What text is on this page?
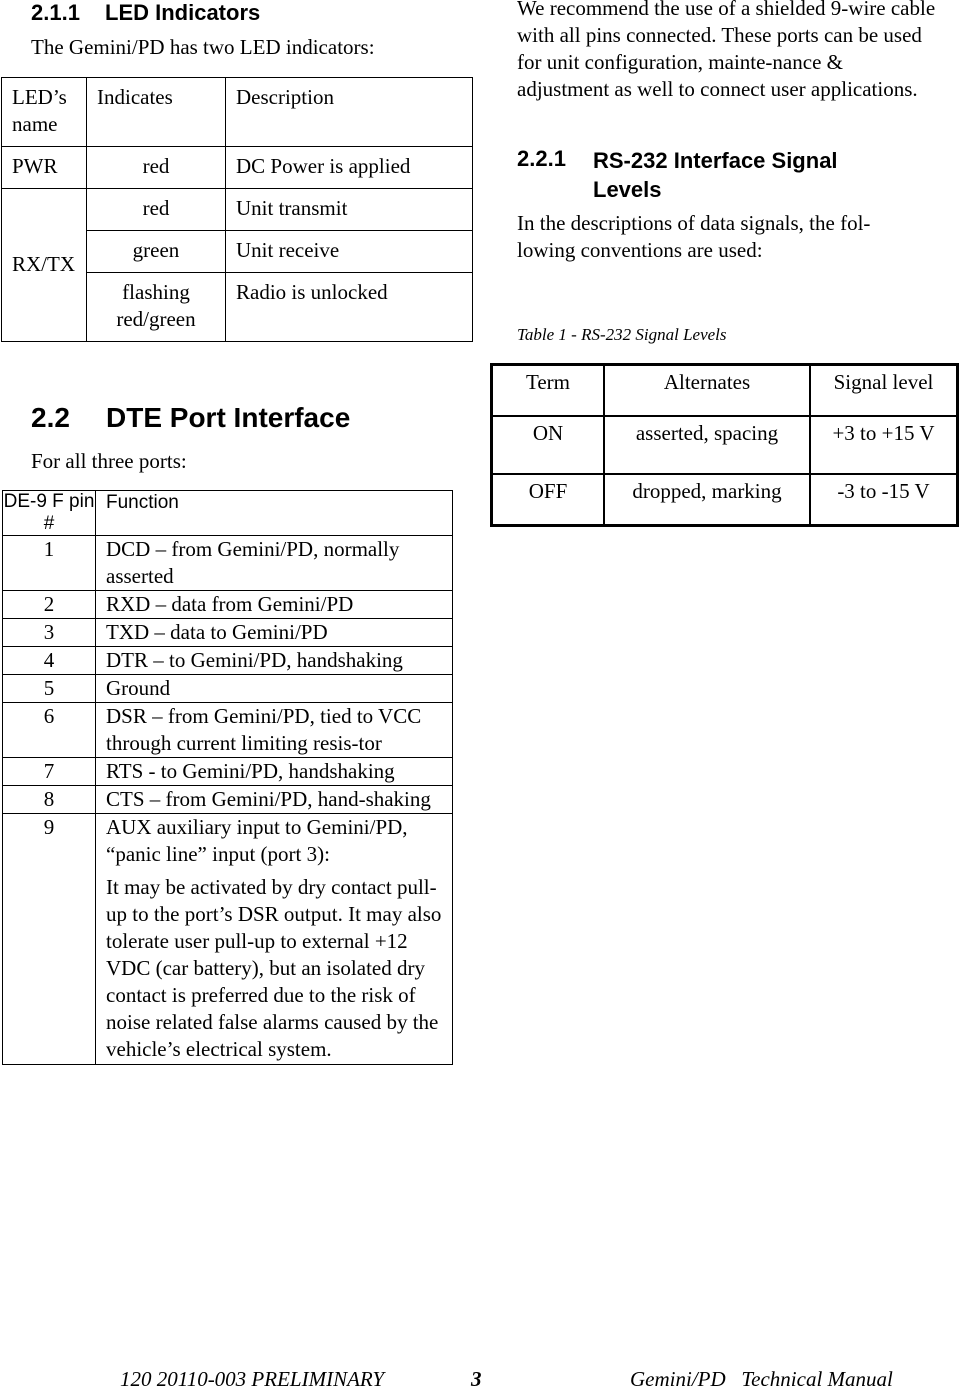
2.1.1 LED Indicators

The Gemini/PD has two LED indicators:

LED’s name	Indicates	Description
PWR	red	DC Power is applied
RX/TX	red	Unit transmit
	green	Unit receive
	flashing red/green	Radio is unlocked
2.2 DTE Port Interface

For all three ports:

DE-9 F pin #	Function
1	DCD – from Gemini/PD, normally asserted
2	RXD – data from Gemini/PD
3	TXD – data to Gemini/PD
4	DTR – to Gemini/PD, handshaking
5	Ground
6	DSR – from Gemini/PD, tied to VCC through current limiting resis-tor
7	RTS - to Gemini/PD, handshaking
8	CTS – from Gemini/PD, hand-shaking
9	AUX auxiliary input to Gemini/PD, “panic line” input (port 3):

It may be activated by dry contact pull-up to the port’s DSR output. It may also tolerate user pull-up to external +12 VDC (car battery), but an isolated dry contact is preferred due to the risk of noise related false alarms caused by the vehicle’s electrical system.

We recommend the use of a shielded 9-wire cable with all pins connected. These ports can be used for unit configuration, mainte-nance & adjustment as well to connect user applications.

2.2.1 RS-232 Interface Signal Levels

In the descriptions of data signals, the fol-lowing conventions are used:

Table 1 - RS-232 Signal Levels

Term	Alternates	Signal level
ON	asserted, spacing	+3 to +15 V
OFF	dropped, marking	-3 to -15 V
120 20110-003 PRELIMINARY	3	Gemini/PD   Technical Manual
